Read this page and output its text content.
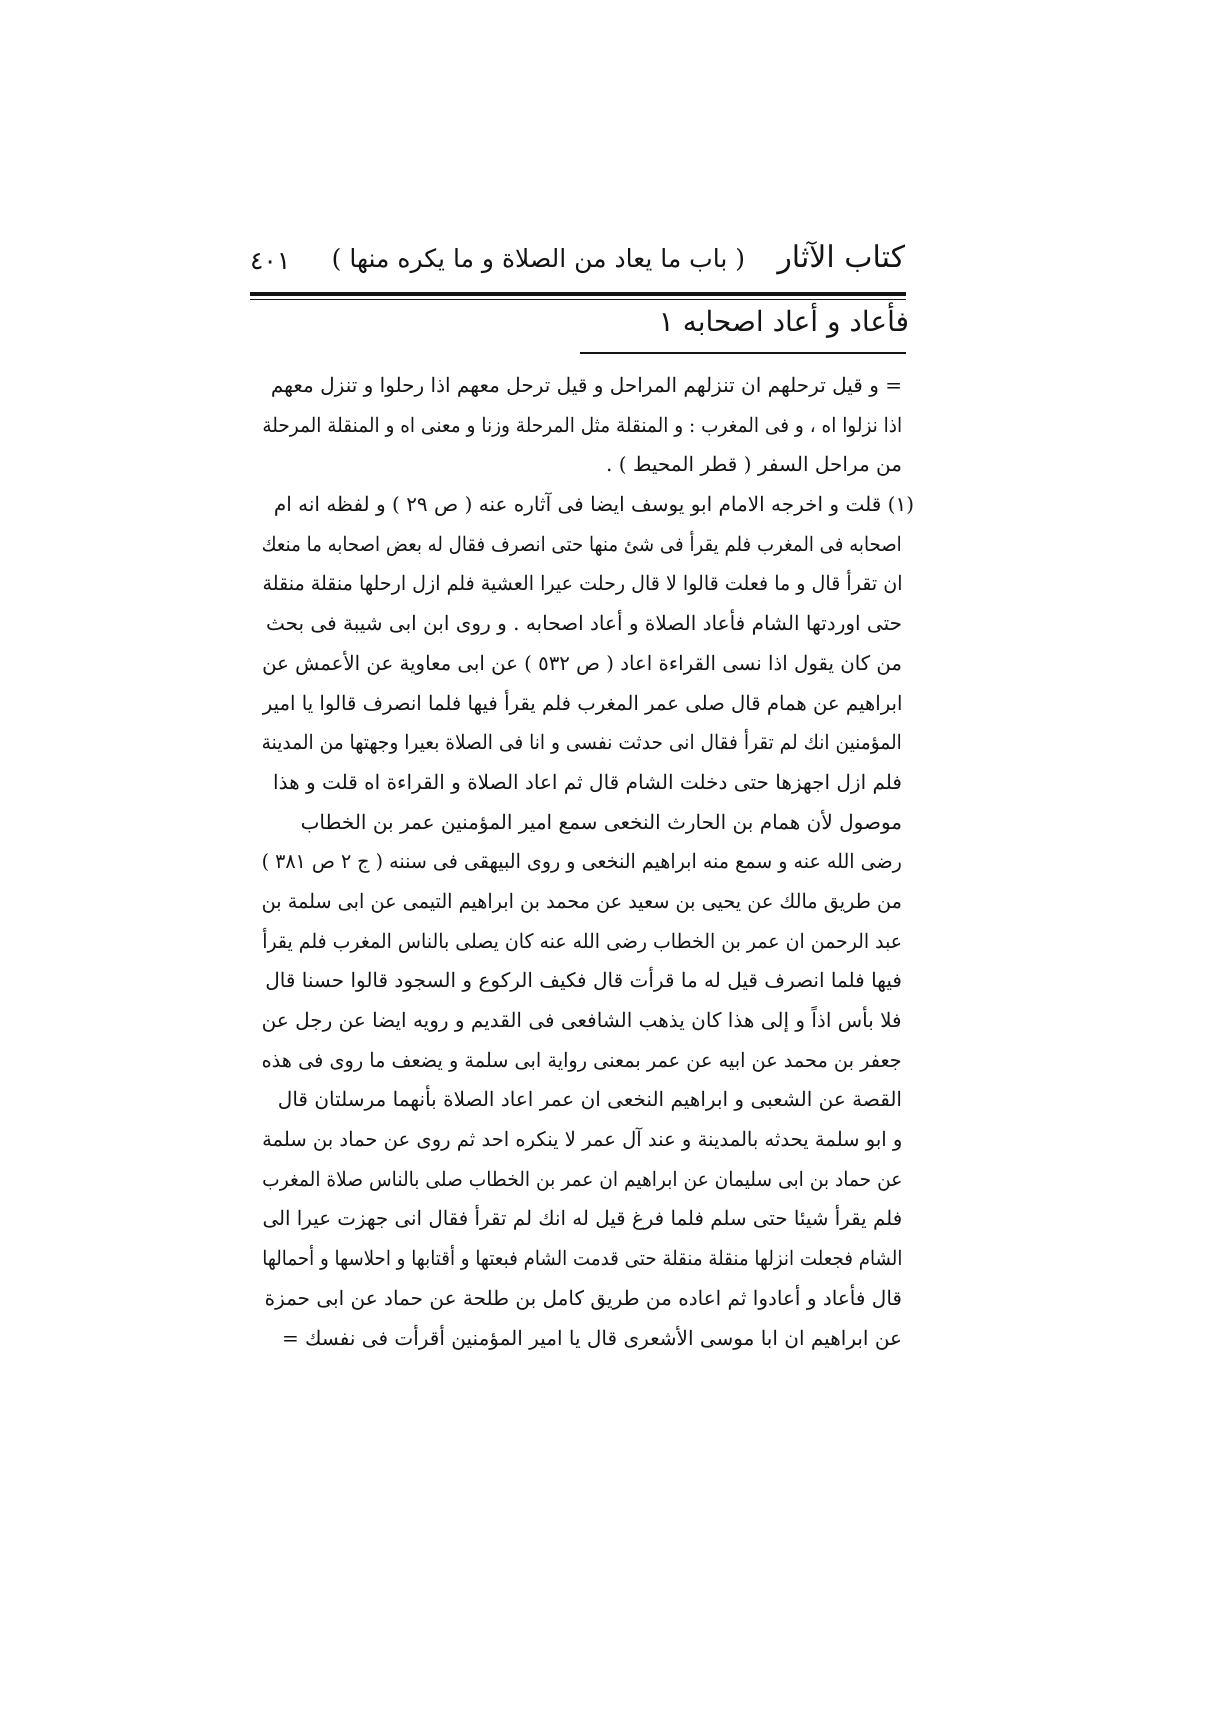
كتاب الآثار
( باب ما يعاد من الصلاة و ما يكره منها )
٤٠١
فأعاد و أعاد اصحابه ١
= و قيل ترحلهم ان تنزلهم المراحل و قيل ترحل معهم اذا رحلوا و تنزل معهم
اذا نزلوا اه ، و فى المغرب : و المنقلة مثل المرحلة وزنا و معنى اه و المنقلة المرحلة
من مراحل السفر ( قطر المحيط ) .
(١) قلت و اخرجه الامام ابو يوسف ايضا فى آثاره عنه ( ص ٢٩ ) و لفظه انه ام
اصحابه فى المغرب فلم يقرأ فى شئ منها حتى انصرف فقال له بعض اصحابه ما منعك
ان تقرأ قال و ما فعلت قالوا لا قال رحلت عيرا العشية فلم ازل ارحلها منقلة منقلة
حتى اوردتها الشام فأعاد الصلاة و أعاد اصحابه . و روى ابن ابى شيبة فى بحث
من كان يقول اذا نسى القراءة اعاد ( ص ٥٣٢ ) عن ابى معاوية عن الأعمش عن
ابراهيم عن همام قال صلى عمر المغرب فلم يقرأ فيها فلما انصرف قالوا يا امير
المؤمنين انك لم تقرأ فقال انى حدثت نفسى و انا فى الصلاة بعيرا وجهتها من المدينة
فلم ازل اجهزها حتى دخلت الشام قال ثم اعاد الصلاة و القراءة اه قلت و هذا
موصول لأن همام بن الحارث النخعى سمع امير المؤمنين عمر بن الخطاب
رضى الله عنه و سمع منه ابراهيم النخعى و روى البيهقى فى سننه ( ج ٢ ص ٣٨١ )
من طريق مالك عن يحيى بن سعيد عن محمد بن ابراهيم التيمى عن ابى سلمة بن
عبد الرحمن ان عمر بن الخطاب رضى الله عنه كان يصلى بالناس المغرب فلم يقرأ
فيها فلما انصرف قيل له ما قرأت قال فكيف الركوع و السجود قالوا حسنا قال
فلا بأس اذاً و إلى هذا كان يذهب الشافعى فى القديم و رويه ايضا عن رجل عن
جعفر بن محمد عن ابيه عن عمر بمعنى رواية ابى سلمة و يضعف ما روى فى هذه
القصة عن الشعبى و ابراهيم النخعى ان عمر اعاد الصلاة بأنهما مرسلتان قال
و ابو سلمة يحدثه بالمدينة و عند آل عمر لا ينكره احد ثم روى عن حماد بن سلمة
عن حماد بن ابى سليمان عن ابراهيم ان عمر بن الخطاب صلى بالناس صلاة المغرب
فلم يقرأ شيئا حتى سلم فلما فرغ قيل له انك لم تقرأ فقال انى جهزت عيرا الى
الشام فجعلت انزلها منقلة منقلة حتى قدمت الشام فبعتها و أقتابها و احلاسها و أحمالها
قال فأعاد و أعادوا ثم اعاده من طريق كامل بن طلحة عن حماد عن ابى حمزة
عن ابراهيم ان ابا موسى الأشعرى قال يا امير المؤمنين أقرأت فى نفسك =
